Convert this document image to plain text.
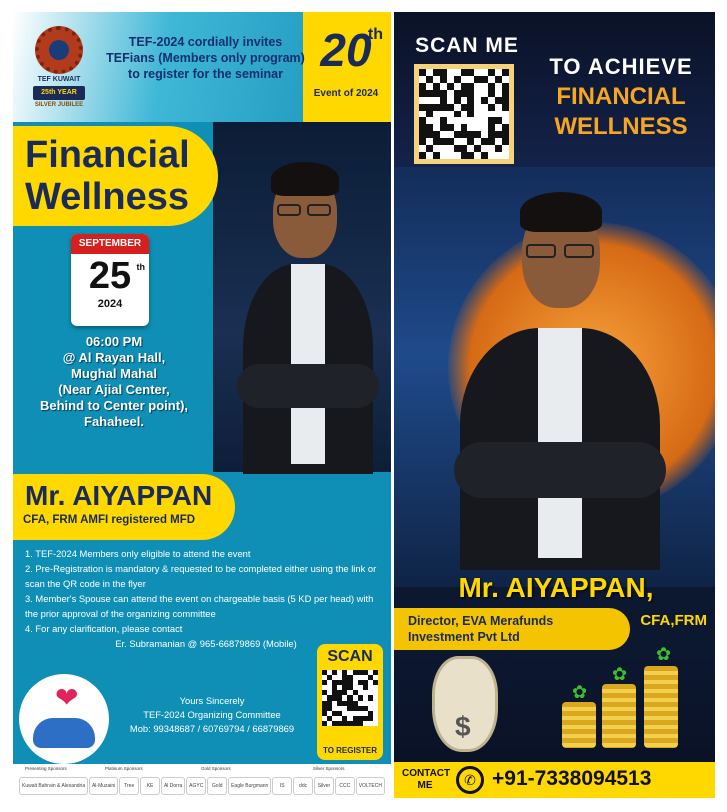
TEF KUWAIT
25th YEAR
SILVER JUBILEE
TEF-2024 cordially invites TEFians (Members only program) to register for the seminar 20
th
Event of 2024
Financial
Wellness
SEPTEMBER
25 th
2024
06:00 PM
@ Al Rayan Hall,
Mughal Mahal
(Near Ajial Center,
Behind to Center point),
Fahaheel.
Mr. AIYAPPAN
CFA, FRM AMFI registered MFD
1. TEF-2024 Members only eligible to attend the event
2. Pre-Registration is mandatory & requested to be completed either using the link or scan the QR code in the flyer
3. Member's Spouse can attend the event on chargeable basis (5 KD per head) with the prior approval of the organizing committee
4. For any clarification, please contact
Er. Subramanian @ 965-66879869 (Mobile)
❤	Yours Sincerely
TEF-2024 Organizing Committee
Mob: 99348687 / 60769794 / 66879869
SCAN
TO REGISTER
Presenting Sponsors	Platinum Sponsors	Gold Sponsors	Silver Sponsors
Kuwait Bahrain & Alexandria	Al-Muzaini	Tree	KE	Al Dorra	AGYC	Gold	Eagle Burgmann	IS	ddc	Silver	CCC	VOLTECH
SCAN ME
TO ACHIEVE
FINANCIAL
WELLNESS
Mr. AIYAPPAN,
Director, EVA Merafunds
Investment Pvt Ltd
CFA,FRM
$
✿
✿
✿
CONTACT
ME	✆ +91-7338094513
